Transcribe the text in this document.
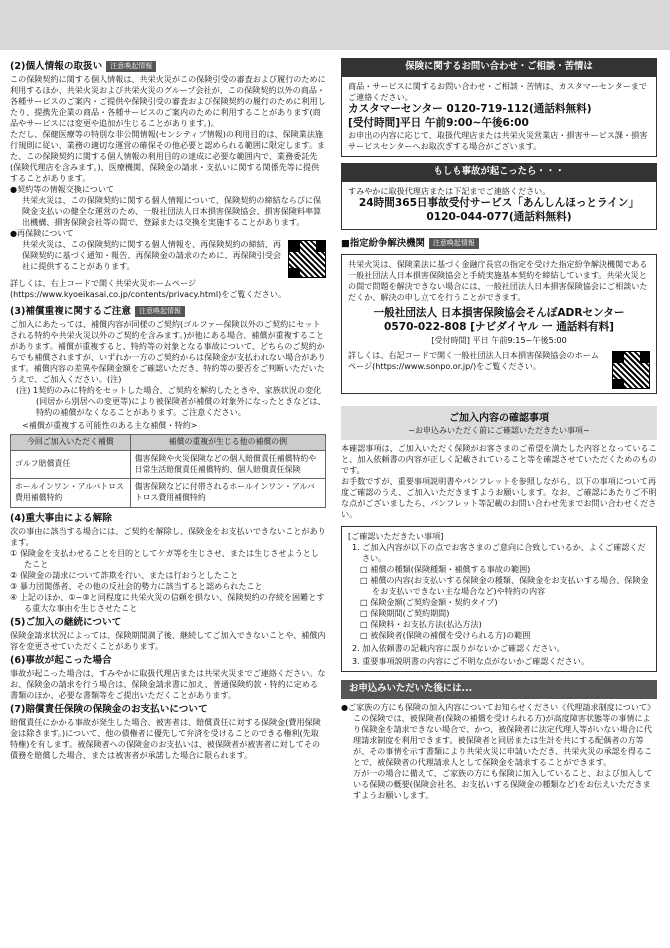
(2)個人情報の取扱い 注意喚起情報

この保険契約に関する個人情報は、共栄火災がこの保険引受の審査および履行のために利用するほか、共栄火災および共栄火災のグループ会社が、この保険契約以外の商品・各種サービスのご案内・ご提供や保険引受の審査および保険契約の履行のために利用したり、提携先企業の商品・各種サービスのご案内のために利用することがあります(商品やサービスには変更や追加が生じることがあります。)。

ただし、保健医療等の特別な非公開情報(センシティブ情報)の利用目的は、保険業法施行規則に従い、業務の適切な運営の確保その他必要と認められる範囲に限定します。また、この保険契約に関する個人情報の利用目的の達成に必要な範囲内で、業務委託先(保険代理店を含みます。)、医療機関、保険金の請求・支払いに関する関係先等に提供することがあります。

●契約等の情報交換について

共栄火災は、この保険契約に関する個人情報について、保険契約の締結ならびに保険金支払いの健全な運営のため、一般社団法人日本損害保険協会、損害保険料率算出機構、損害保険会社等の間で、登録または交換を実施することがあります。

●再保険について

共栄火災は、この保険契約に関する個人情報を、再保険契約の締結、再保険契約に基づく通知・報告、再保険金の請求のために、再保険引受会社に提供することがあります。

詳しくは、右上コードで開く共栄火災ホームページ(https://www.kyoeikasai.co.jp/contents/privacy.html)をご覧ください。

(3)補償重複に関するご注意 注意喚起情報

ご加入にあたっては、補償内容が同様のご契約(ゴルファー保険以外のご契約にセットされる特約や共栄火災以外のご契約を含みます。)が他にある場合、補償が重複することがあります。補償が重複すると、特約等の対象となる事故について、どちらのご契約からでも補償されますが、いずれか一方のご契約からは保険金が支払われない場合があります。補償内容の差異や保険金額をご確認いただき、特約等の要否をご判断いただいたうえで、ご加入ください。(注)

(注) 1契約のみに特約をセットした場合、ご契約を解約したときや、家族状況の変化(同居から別居への変更等)により被保険者が補償の対象外になったときなどは、特約の補償がなくなることがあります。ご注意ください。

<補償が重複する可能性のある主な補償・特約>

今回ご加入いただく補償	補償の重複が生じる他の補償の例
ゴルフ賠償責任	傷害保険や火災保険などの個人賠償責任補償特約や日常生活賠償責任補償特約、個人賠償責任保険
ホールインワン・アルバトロス費用補償特約	傷害保険などに付帯されるホールインワン・アルバトロス費用補償特約

(4)重大事由による解除

次の事由に該当する場合には、ご契約を解除し、保険金をお支払いできないことがあります。

① 保険金を支払わせることを目的としてケガ等を生じさせ、または生じさせようとしたこと

② 保険金の請求について詐欺を行い、または行おうとしたこと

③ 暴力団関係者、その他の反社会的勢力に該当すると認められたこと

④ 上記のほか、①~③と同程度に共栄火災の信頼を損ない、保険契約の存続を困難とする重大な事由を生じさせたこと

(5)ご加入の継続について

保険金請求状況によっては、保険期間満了後、継続してご加入できないことや、補償内容を変更させていただくことがあります。

(6)事故が起こった場合

事故が起こった場合は、すみやかに取扱代理店または共栄火災までご連絡ください。なお、保険金の請求を行う場合は、保険金請求書に加え、普通保険約款・特約に定める書類のほか、必要な書類等をご提出いただくことがあります。

(7)賠償責任保険の保険金のお支払いについて

賠償責任にかかる事故が発生した場合、被害者は、賠償責任に対する保険金(費用保険金は除きます。)について、他の債権者に優先して弁済を受けることのできる権利(先取特権)を有します。被保険者への保険金のお支払いは、被保険者が被害者に対してその債務を賠償した場合、または被害者が承諾した場合に限られます。

保険に関するお問い合わせ・ご相談・苦情は

商品・サービスに関するお問い合わせ・ご相談・苦情は、カスタマーセンターまでご連絡ください。

カスタマーセンター 0120-719-112(通話料無料)

[受付時間]平日 午前9:00~午後6:00

お申出の内容に応じて、取扱代理店または共栄火災営業店・損害サービス課・損害サービスセンターへお取次ぎする場合がございます。

もしも事故が起こったら・・・

すみやかに取扱代理店または下記までご連絡ください。

24時間365日事故受付サービス「あんしんほっとライン」

0120-044-077(通話料無料)

■指定紛争解決機関 注意喚起情報

共栄火災は、保険業法に基づく金融庁長官の指定を受けた指定紛争解決機関である一般社団法人日本損害保険協会と手続実施基本契約を締結しています。共栄火災との間で問題を解決できない場合には、一般社団法人日本損害保険協会にご相談いただくか、解決の申し立てを行うことができます。

一般社団法人 日本損害保険協会そんぽADRセンター

0570-022-808 [ナビダイヤル 一 通話料有料]

[受付時間] 平日 午前9:15~午後5:00

詳しくは、右記コードで開く一般社団法人日本損害保険協会のホームページ(https://www.sonpo.or.jp/)をご覧ください。

ご加入内容の確認事項
~お申込みいただく前にご確認いただきたい事項~

本確認事項は、ご加入いただく保険がお客さまのご希望を満たした内容となっていること、加入依頼書の内容が正しく記載されていること等を確認させていただくためのものです。

お手数ですが、重要事項説明書やパンフレットを参照しながら、以下の事項について再度ご確認のうえ、ご加入いただきますようお願いします。なお、ご確認にあたりご不明な点がございましたら、パンフレット等記載のお問い合わせ先までお問い合わせください。

[ご確認いただきたい事項]

1. ご加入内容が以下の点でお客さまのご意向に合致しているか、よくご確認ください。

□ 補償の種類(保険種類・補償する事故の範囲)

□ 補償の内容(お支払いする保険金の種類、保険金をお支払いする場合、保険金をお支払いできない主な場合など)や特約の内容

□ 保険金額(ご契約金額・契約タイプ)

□ 保険期間(ご契約期間)

□ 保険料・お支払方法(払込方法)

□ 被保険者(保険の補償を受けられる方)の範囲

2. 加入依頼書の記載内容に誤りがないかご確認ください。

3. 重要事項説明書の内容にご不明な点がないかご確認ください。

お申込みいただいた後には...

●ご家族の方にも保険の加入内容についてお知らせください《代理請求制度について》

この保険では、被保険者(保険の補償を受けられる方)が高度障害状態等の事情により保険金を請求できない場合で、かつ、被保険者に法定代理人等がいない場合に代理請求制度を利用できます。被保険者と同居または生計を共にする配偶者の方等が、その事情を示す書類により共栄火災に申請いただき、共栄火災の承認を得ることで、被保険者の代理請求人として保険金を請求することができます。

万が一の場合に備えて、ご家族の方にも保険に加入していること、および加入している保険の概要(保険会社名、お支払いする保険金の種類など)をお伝えいただきますようお願いします。
